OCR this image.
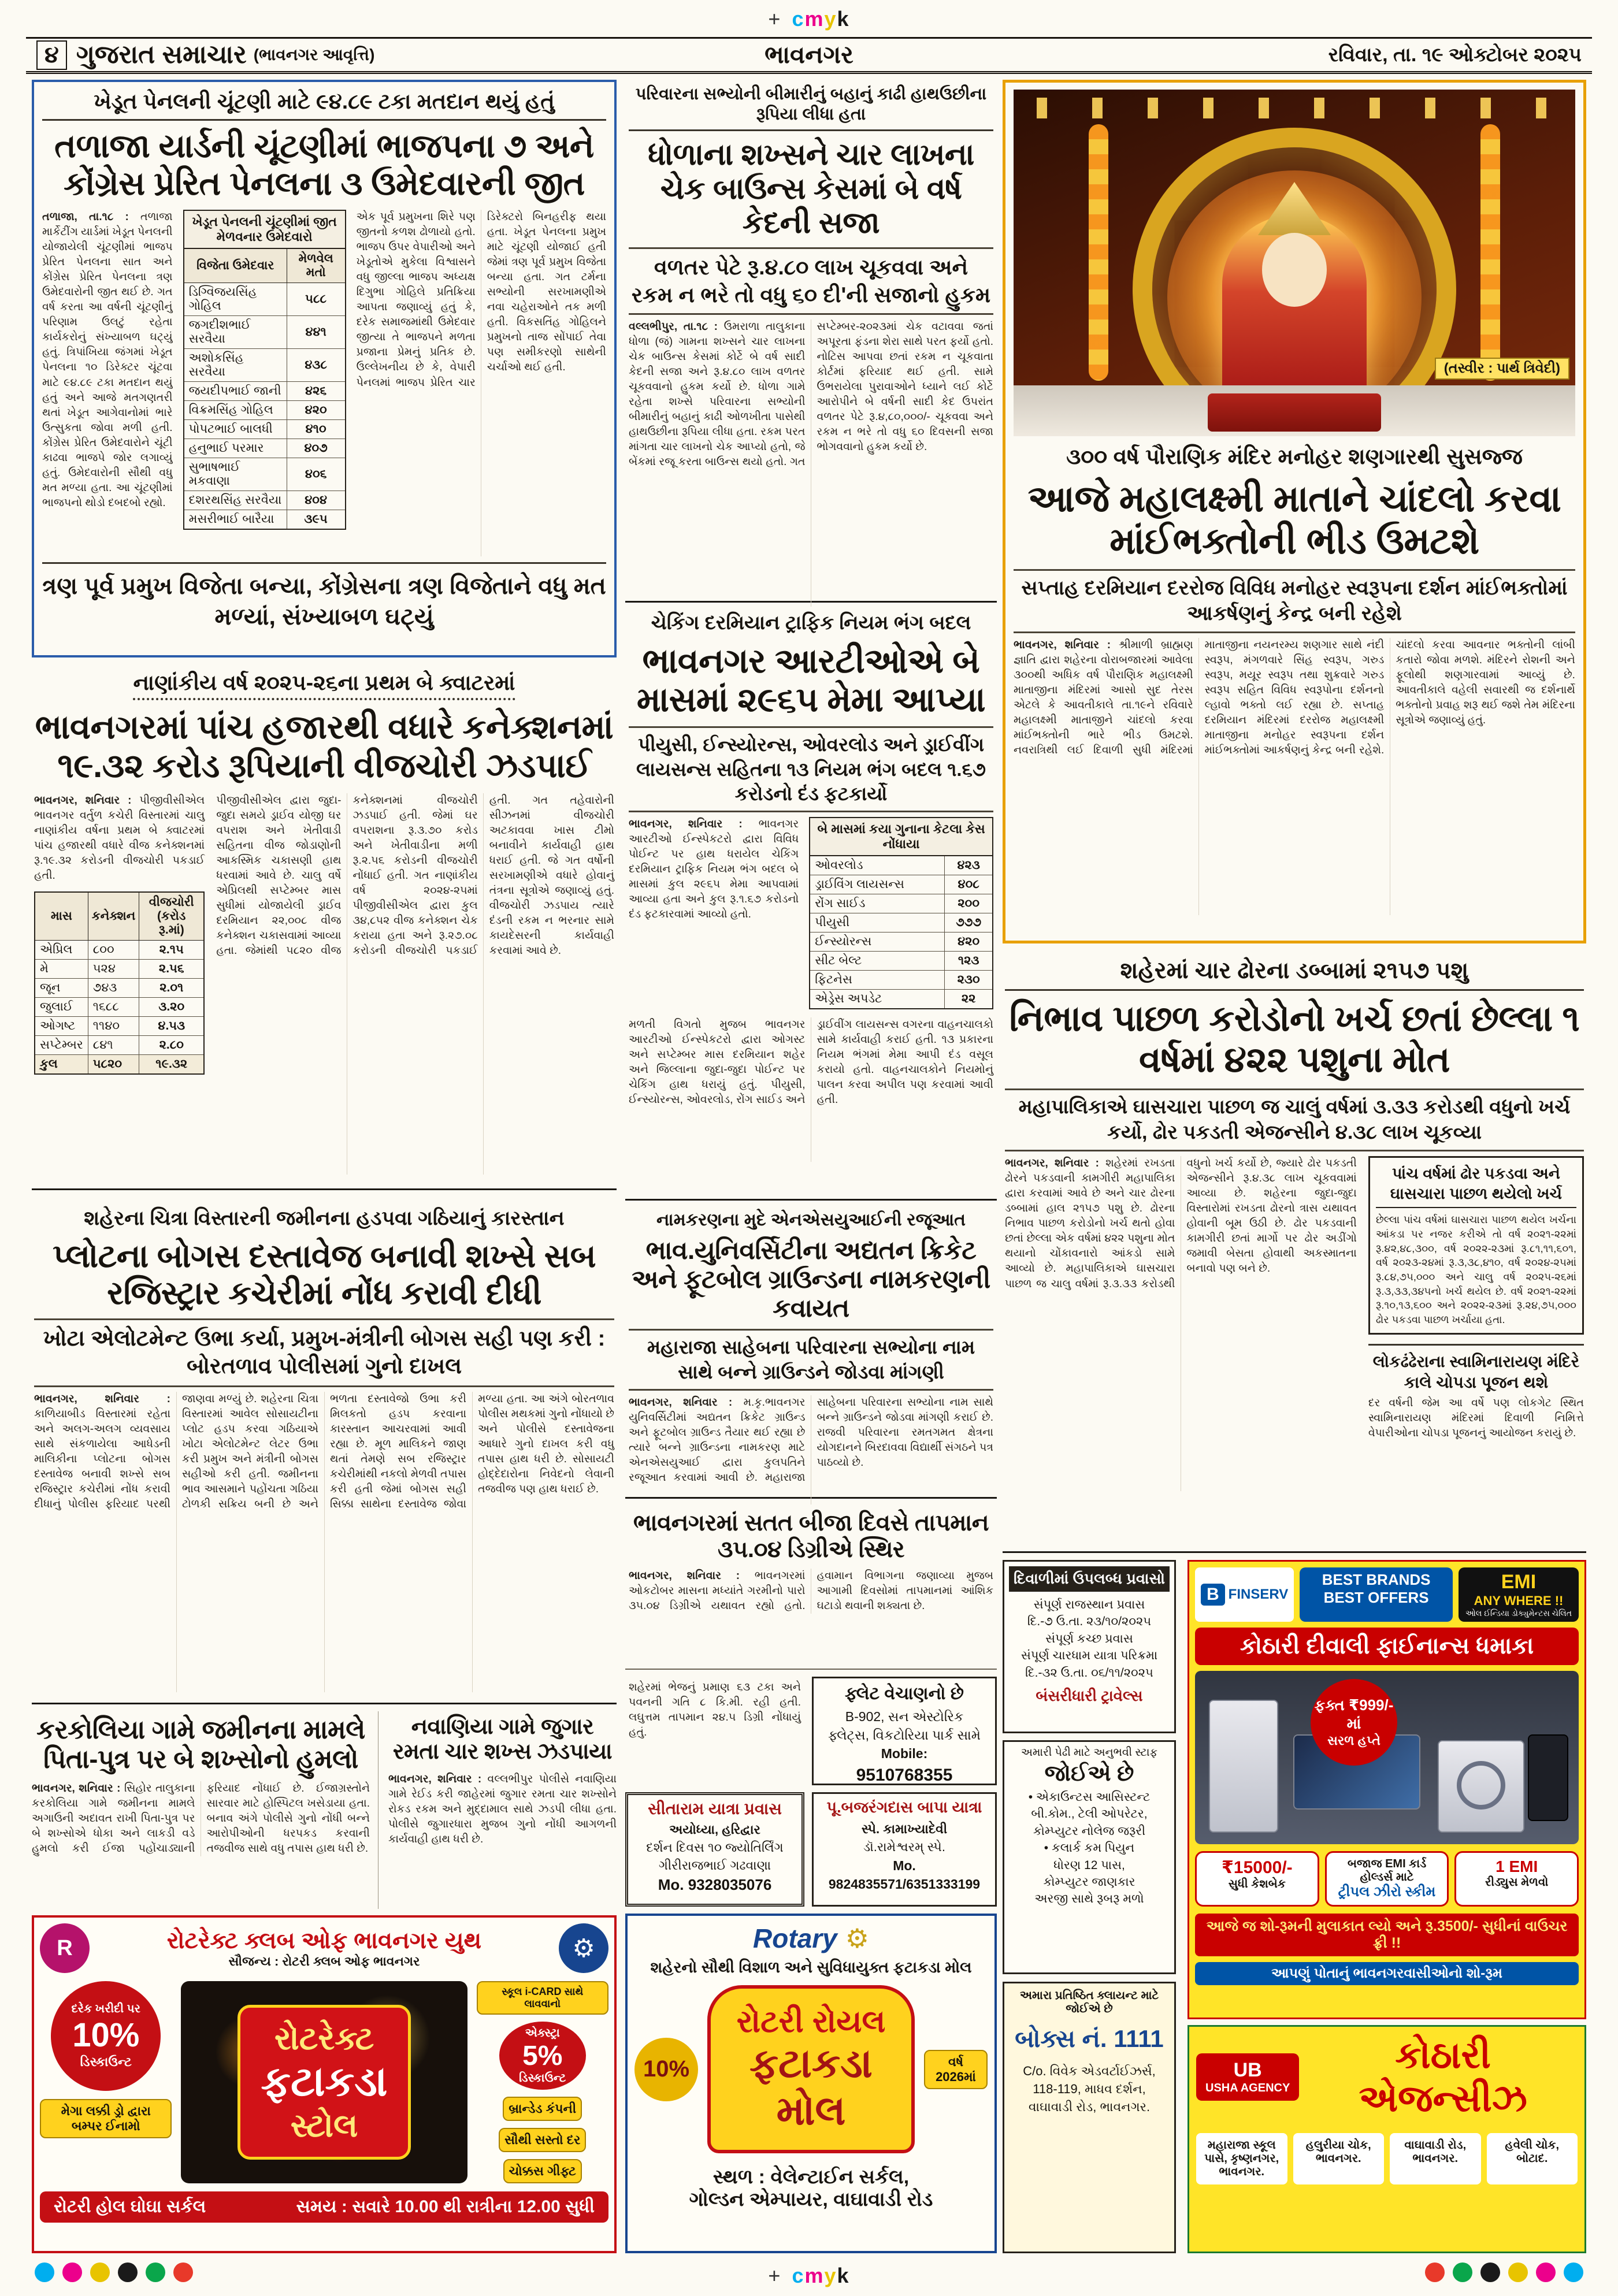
+ cmyk
૪ ગુજરાત સમાચાર (ભાવનગર આવૃત્તિ)	ભાવનગર	રવિવાર, તા. ૧૯ ઓક્ટોબર ૨૦૨૫
ખેડૂત પેનલની ચૂંટણી માટે ૯૪.૮૯ ટકા મતદાન થયું હતું
તળાજા યાર્ડની ચૂંટણીમાં ભાજપના ૭ અને કોંગ્રેસ પ્રેરિત પેનલના ૩ ઉમેદવારની જીત
તળાજા, તા.૧૮ : તળાજા માર્કેટીંગ યાર્ડમાં ખેડૂત પેનલની યોજાયેલી ચૂંટણીમાં ભાજપ પ્રેરિત પેનલના સાત અને કોંગ્રેસ પ્રેરિત પેનલના ત્રણ ઉમેદવારોની જીત થઈ છે. ગત વર્ષ કરતા આ વર્ષની ચૂંટણીનું પરિણામ ઉલટું રહેતા કાર્યકરોનું સંખ્યાબળ ઘટ્યું હતું. ત્રિપાંખિયા જંગમાં ખેડૂત પેનલના ૧૦ ડિરેક્ટર ચૂંટવા માટે ૯૪.૮૯ ટકા મતદાન થયું હતું અને આજે મતગણતરી થતાં ખેડૂત આગેવાનોમાં ભારે ઉત્સુકતા જોવા મળી હતી. કોંગ્રેસ પ્રેરિત ઉમેદવારોને ચૂંટી કાઢવા ભાજપે જોર લગાવ્યું હતું. ઉમેદવારોની સૌથી વધુ મત મળ્યા હતા. આ ચૂંટણીમાં ભાજપનો થોડો દબદબો રહ્યો.
ખેડૂત પેનલની ચૂંટણીમાં જીત મેળવનાર ઉમેદવારો
વિજેતા ઉમેદવાર	મેળવેલ મતો
ડિગ્વિજયસિંહ ગોહિલ	૫૮૮
જગદીશભાઈ સરવૈયા	૪૪૧
અશોકસિંહ સરવૈયા	૪૩૮
જયદીપભાઈ જાની	૪૨૬
વિક્રમસિંહ ગોહિલ	૪૨૦
પોપટભાઈ બાલધી	૪૧૦
હનુભાઈ પરમાર	૪૦૭
સુભાષભાઈ મકવાણા	૪૦૬
દશરથસિંહ સરવૈયા	૪૦૪
મસરીભાઈ બારૈયા	૩૯૫
એક પૂર્વ પ્રમુખના શિરે પણ જીતનો કળશ ઢોળાયો હતો. ભાજપ ઉપર વેપારીઓ અને ખેડૂતોએ મુકેલા વિશ્વાસને વધુ જીલ્લા ભાજપ અધ્યક્ષ દિગુભા ગોહિલે પ્રતિક્રિયા આપતા જણાવ્યું હતું કે, દરેક સમાજમાંથી ઉમેદવાર જીત્યા તે ભાજપને મળતા પ્રજાના પ્રેમનું પ્રતિક છે. ઉલ્લેખનીય છે કે, વેપારી પેનલમાં ભાજપ પ્રેરિત ચાર ડિરેક્ટરો બિનહરીફ થયા હતા. ખેડૂત પેનલના પ્રમુખ માટે ચૂંટણી યોજાઈ હતી જેમાં ત્રણ પૂર્વ પ્રમુખ વિજેતા બન્યા હતા. ગત ટર્મના સભ્યોની સરખામણીએ નવા ચહેરાઓને તક મળી હતી. વિકસતિંહ ગોહિલને પ્રમુખનો તાજ સોંપાઈ તેવા પણ સમીકરણો સાથેની ચર્ચાઓ થઈ હતી.
ત્રણ પૂર્વ પ્રમુખ વિજેતા બન્યા, કોંગ્રેસના ત્રણ વિજેતાને વધુ મત મળ્યાં, સંખ્યાબળ ઘટ્યું
નાણાંકીય વર્ષ ૨૦૨૫-૨૬ના પ્રથમ બે ક્વાટરમાં
ભાવનગરમાં પાંચ હજારથી વધારે કનેક્શનમાં ૧૯.૩૨ કરોડ રૂપિયાની વીજચોરી ઝડપાઈ
ભાવનગર, શનિવાર : પીજીવીસીએલ ભાવનગર વર્તુળ કચેરી વિસ્તારમાં ચાલુ નાણાંકીય વર્ષના પ્રથમ બે ક્વાટરમાં પાંચ હજારથી વધારે વીજ કનેક્શનમાં રૂ.૧૯.૩૨ કરોડની વીજચોરી પકડાઈ હતી.
માસ	કનેક્શન	વીજચોરી (કરોડ રૂ.માં)
એપ્રિલ	૮૦૦	૨.૧૫
મે	૫૨૪	૨.૫૬
જૂન	૭૪૩	૨.૦૧
જુલાઈ	૧૬૮૮	૩.૨૦
ઓગષ્ટ	૧૧૪૦	૪.૫૩
સપ્ટેમ્બર	૮૪૧	૨.૮૦
કુલ	૫૮૨૦	૧૯.૩૨
પીજીવીસીએલ દ્વારા જુદા-જુદા સમયે ડ્રાઈવ યોજી ઘર વપરાશ અને ખેતીવાડી સહિતના વીજ જોડાણોની આકસ્મિક ચકાસણી હાથ ધરવામાં આવે છે. ચાલુ વર્ષે એપ્રિલથી સપ્ટેમ્બર માસ સુધીમાં યોજાયેલી ડ્રાઈવ દરમિયાન ૨૨,૦૦૮ વીજ કનેક્શન ચકાસવામાં આવ્યા હતા. જેમાંથી ૫૮૨૦ વીજ કનેક્શનમાં વીજચોરી ઝડપાઈ હતી. જેમાં ઘર વપરાશના રૂ.૩.૭૦ કરોડ અને ખેતીવાડીના મળી રૂ.૨.૫૬ કરોડની વીજચોરી નોંધાઈ હતી. ગત નાણાંકીય વર્ષ ૨૦૨૪-૨૫માં પીજીવીસીએલ દ્વારા કુલ ૩૪,૮૫૨ વીજ કનેક્શન ચેક કરાયા હતા અને રૂ.૨૭.૦૮ કરોડની વીજચોરી પકડાઈ હતી. ગત તહેવારોની સીઝનમાં વીજચોરી અટકાવવા ખાસ ટીમો બનાવીને કાર્યવાહી હાથ ધરાઈ હતી. જે ગત વર્ષોની સરખામણીએ વધારે હોવાનું તંત્રના સૂત્રોએ જણાવ્યું હતું. વીજચોરી ઝડપાય ત્યારે દંડની રકમ ન ભરનાર સામે કાયદેસરની કાર્યવાહી કરવામાં આવે છે.
શહેરના ચિત્રા વિસ્તારની જમીનના હડપવા ગઠિયાનું કારસ્તાન
પ્લોટના બોગસ દસ્તાવેજ બનાવી શખ્સે સબ રજિસ્ટ્રાર કચેરીમાં નોંધ કરાવી દીધી
ખોટા એલોટમેન્ટ ઉભા કર્યા, પ્રમુખ-મંત્રીની બોગસ સહી પણ કરી : બોરતળાવ પોલીસમાં ગુનો દાખલ
ભાવનગર, શનિવાર : કાળિયાબીડ વિસ્તારમાં રહેતા અને અલગ-અલગ વ્યવસાય સાથે સંકળાયેલા આધેડની માલિકીના પ્લોટના બોગસ દસ્તાવેજ બનાવી શખ્સે સબ રજિસ્ટ્રાર કચેરીમાં નોંધ કરાવી દીધાનું પોલીસ ફરિયાદ પરથી જાણવા મળ્યું છે. શહેરના ચિત્રા વિસ્તારમાં આવેલ સોસાયટીના પ્લોટ હડપ કરવા ગઠિયાએ ખોટા એલોટમેન્ટ લેટર ઉભા કરી પ્રમુખ અને મંત્રીની બોગસ સહીઓ કરી હતી. જમીનના ભાવ આસમાને પહોંચતા ગઠિયા ટોળકી સક્રિય બની છે અને ભળતા દસ્તાવેજો ઉભા કરી મિલકતો હડપ કરવાના કારસ્તાન આચરવામાં આવી રહ્યા છે. મૂળ માલિકને જાણ થતાં તેમણે સબ રજિસ્ટ્રાર કચેરીમાંથી નકલો મેળવી તપાસ કરી હતી જેમાં બોગસ સહી સિક્કા સાથેના દસ્તાવેજ જોવા મળ્યા હતા. આ અંગે બોરતળાવ પોલીસ મથકમાં ગુનો નોંધાયો છે અને પોલીસે દસ્તાવેજના આધારે ગુનો દાખલ કરી વધુ તપાસ હાથ ધરી છે. સોસાયટી હોદ્દેદારોના નિવેદનો લેવાની તજવીજ પણ હાથ ધરાઈ છે.
કરકોલિયા ગામે જમીનના મામલે પિતા-પુત્ર પર બે શખ્સોનો હુમલો
ભાવનગર, શનિવાર : સિહોર તાલુકાના કરકોલિયા ગામે જમીનના મામલે અગાઉની અદાવત રાખી પિતા-પુત્ર પર બે શખ્સોએ ધોકા અને લાકડી વડે હુમલો કરી ઈજા પહોંચાડ્યાની ફરિયાદ નોંધાઈ છે. ઈજાગ્રસ્તોને સારવાર માટે હોસ્પિટલ ખસેડાયા હતા. બનાવ અંગે પોલીસે ગુનો નોંધી બન્ને આરોપીઓની ધરપકડ કરવાની તજવીજ સાથે વધુ તપાસ હાથ ધરી છે.
નવાણિયા ગામે જુગાર રમતા ચાર શખ્સ ઝડપાયા
ભાવનગર, શનિવાર : વલ્લભીપુર પોલીસે નવાણિયા ગામે રેઈડ કરી જાહેરમાં જુગાર રમતા ચાર શખ્સોને રોકડ રકમ અને મુદ્દામાલ સાથે ઝડપી લીધા હતા. પોલીસે જુગારધારા મુજબ ગુનો નોંધી આગળની કાર્યવાહી હાથ ધરી છે.
R	રોટરેક્ટ ક્લબ ઓફ ભાવનગર યુથ
સૌજન્ય : રોટરી ક્લબ ઓફ ભાવનગર	⚙
દરેક ખરીદી પર
10%
ડિસ્કાઉન્ટ
મેગા લક્કી ડ્રો દ્વારા બમ્પર ઈનામો
રોટરેક્ટ
ફટાકડા
સ્ટોલ
સ્કૂલ i-CARD સાથે લાવવાનો
એક્સ્ટ્રા
5%
ડિસ્કાઉન્ટ
બ્રાન્ડેડ કંપની
સૌથી સસ્તો દર
ચોક્કસ ગીફ્ટ
રોટરી હોલ ઘોઘા સર્કલ	સમય : સવારે 10.00 થી રાત્રીના 12.00 સુધી
પરિવારના સભ્યોની બીમારીનું બહાનું કાઢી હાથઉછીના રૂપિયા લીધા હતા
ધોળાના શખ્સને ચાર લાખના ચેક બાઉન્સ કેસમાં બે વર્ષ કેદની સજા
વળતર પેટે રૂ.૪.૮૦ લાખ ચૂકવવા અને રકમ ન ભરે તો વધુ ૬૦ દી'ની સજાનો હુકમ
વલ્લભીપુર, તા.૧૮ : ઉમરાળા તાલુકાના ધોળા (જં) ગામના શખ્સને ચાર લાખના ચેક બાઉન્સ કેસમાં કોર્ટે બે વર્ષ સાદી કેદની સજા અને રૂ.૪.૮૦ લાખ વળતર ચૂકવવાનો હુકમ કર્યો છે. ધોળા ગામે રહેતા શખ્સે પરિવારના સભ્યોની બીમારીનું બહાનું કાઢી ઓળખીતા પાસેથી હાથઉછીના રૂપિયા લીધા હતા. રકમ પરત માંગતા ચાર લાખનો ચેક આપ્યો હતો, જે બેંકમાં રજૂ કરતા બાઉન્સ થયો હતો. ગત સપ્ટેમ્બર-૨૦૨૩માં ચેક વટાવવા જતાં અપૂરતા ફંડના શેરા સાથે પરત ફર્યો હતો. નોટિસ આપવા છતાં રકમ ન ચૂકવાતા કોર્ટમાં ફરિયાદ થઈ હતી. સામે ઉભરાયેલા પુરાવાઓને ધ્યાને લઈ કોર્ટે આરોપીને બે વર્ષની સાદી કેદ ઉપરાંત વળતર પેટે રૂ.૪,૮૦,૦૦૦/- ચૂકવવા અને રકમ ન ભરે તો વધુ ૬૦ દિવસની સજા ભોગવવાનો હુકમ કર્યો છે.
ચેકિંગ દરમિયાન ટ્રાફિક નિયમ ભંગ બદલ
ભાવનગર આરટીઓએ બે માસમાં ૨૯૬૫ મેમા આપ્યા
પીયુસી, ઈન્સ્યોરન્સ, ઓવરલોડ અને ડ્રાઈવીંગ લાયસન્સ સહિતના ૧૩ નિયમ ભંગ બદલ ૧.૬૭ કરોડનો દંડ ફટકાર્યો
ભાવનગર, શનિવાર : ભાવનગર આરટીઓ ઈન્સ્પેકટરો દ્વારા વિવિધ પોઈન્ટ પર હાથ ધરાયેલ ચેકિંગ દરમિયાન ટ્રાફિક નિયમ ભંગ બદલ બે માસમાં કુલ ૨૯૬૫ મેમા આપવામાં આવ્યા હતા અને કુલ રૂ.૧.૬૭ કરોડનો દંડ ફટકારવામાં આવ્યો હતો.
બે માસમાં કયા ગુનાના કેટલા કેસ નોંધાયા
ઓવરલોડ	૪૨૩
ડ્રાઈવિંગ લાયસન્સ	૪૦૮
રોંગ સાઈડ	૨૦૦
પીયુસી	૭૭૭
ઈન્સ્યોરન્સ	૪૨૦
સીટ બેલ્ટ	૧૨૩
ફિટનેસ	૨૩૦
એડ્રેસ અપડેટ	૨૨
મળતી વિગતો મુજબ ભાવનગર આરટીઓ ઈન્સ્પેકટરો દ્વારા ઓગસ્ટ અને સપ્ટેમ્બર માસ દરમિયાન શહેર અને જિલ્લાના જુદા-જુદા પોઈન્ટ પર ચેકિંગ હાથ ધરાયું હતું. પીયુસી, ઈન્સ્યોરન્સ, ઓવરલોડ, રોંગ સાઈડ અને ડ્રાઈવીંગ લાયસન્સ વગરના વાહનચાલકો સામે કાર્યવાહી કરાઈ હતી. ૧૩ પ્રકારના નિયમ ભંગમાં મેમા આપી દંડ વસૂલ કરાયો હતો. વાહનચાલકોને નિયમોનું પાલન કરવા અપીલ પણ કરવામાં આવી હતી.
નામકરણના મુદે એનએસયુઆઈની રજૂઆત
ભાવ.યુનિવર્સિટીના અદ્યતન ક્રિકેટ અને ફૂટબોલ ગ્રાઉન્ડના નામકરણની કવાયત
મહારાજા સાહેબના પરિવારના સભ્યોના નામ સાથે બન્ને ગ્રાઉન્ડને જોડવા માંગણી
ભાવનગર, શનિવાર : મ.કૃ.ભાવનગર યુનિવર્સિટીમાં અદ્યતન ક્રિકેટ ગ્રાઉન્ડ અને ફૂટબોલ ગ્રાઉન્ડ તૈયાર થઈ રહ્યા છે ત્યારે બન્ને ગ્રાઉન્ડના નામકરણ માટે એનએસયુઆઈ દ્વારા કુલપતિને રજૂઆત કરવામાં આવી છે. મહારાજા સાહેબના પરિવારના સભ્યોના નામ સાથે બન્ને ગ્રાઉન્ડને જોડવા માંગણી કરાઈ છે. રાજવી પરિવારના રમતગમત ક્ષેત્રના યોગદાનને બિરદાવવા વિદ્યાર્થી સંગઠને પત્ર પાઠવ્યો છે.
ભાવનગરમાં સતત બીજા દિવસે તાપમાન ૩૫.૦૪ ડિગ્રીએ સ્થિર
ભાવનગર, શનિવાર : ભાવનગરમાં ઓકટોબર માસના મધ્યાંતે ગરમીનો પારો ૩૫.૦૪ ડિગ્રીએ યથાવત રહ્યો હતો. હવામાન વિભાગના જણાવ્યા મુજબ આગામી દિવસોમાં તાપમાનમાં આંશિક ઘટાડો થવાની શક્યતા છે.
શહેરમાં ભેજનું પ્રમાણ ૬૩ ટકા અને પવનની ગતિ ૮ કિ.મી. રહી હતી. લઘુત્તમ તાપમાન ૨૪.૫ ડિગ્રી નોંધાયું હતું.
ફ્લેટ વેચાણનો છે
B-902, સન એસ્ટોરિક
ફ્લેટ્સ, વિકટોરિયા પાર્ક સામે
Mobile:
9510768355
સીતારામ યાત્રા પ્રવાસ
અયોધ્યા, હરિદ્વાર
દર્શન દિવસ ૧૦ જ્યોતિર્લિંગ
ગીરીરાજભાઈ ગઢવાણા
Mo. 9328035076
પૂ.બજરંગદાસ બાપા યાત્રા
સ્પે. કામાખ્યાદેવી
ડૉ.રામેશ્વરમ્ સ્પે.
Mo. 9824835571/6351333199
Rotary ⚙
શહેરનો સૌથી વિશાળ અને સુવિધાયુક્ત ફટાકડા મોલ
10%
રોટરી રોયલ
ફટાકડા મોલ
વર્ષ 2026માં
સ્થળ : વેલેન્ટાઈન સર્કલ,
ગોલ્ડન એમ્પાયર, વાઘાવાડી રોડ
(તસ્વીર : પાર્થ ત્રિવેદી)
૩૦૦ વર્ષ પૌરાણિક મંદિર મનોહર શણગારથી સુસજ્જ
આજે મહાલક્ષ્મી માતાને ચાંદલો કરવા માંઈભક્તોની ભીડ ઉમટશે
સપ્તાહ દરમિયાન દરરોજ વિવિધ મનોહર સ્વરૂપના દર્શન માંઈભક્તોમાં આકર્ષણનું કેન્દ્ર બની રહેશે
ભાવનગર, શનિવાર : શ્રીમાળી બ્રાહ્મણ જ્ઞાતિ દ્વારા શહેરના વોરાબજારમાં આવેલા ૩૦૦થી અધિક વર્ષ પૌરાણિક મહાલક્ષ્મી માતાજીના મંદિરમાં આસો સુદ તેરસ એટલે કે આવતીકાલે તા.૧૯ને રવિવારે મહાલક્ષ્મી માતાજીને ચાંદલો કરવા માંઈભક્તોની ભારે ભીડ ઉમટશે. નવરાત્રિથી લઈ દિવાળી સુધી મંદિરમાં માતાજીના નયનરમ્ય શણગાર સાથે નંદી સ્વરૂપ, મંગળવારે સિંહ સ્વરૂપ, ગરુડ સ્વરૂપ, મયૂર સ્વરૂપ તથા શુક્રવારે ગરુડ સ્વરૂપ સહિત વિવિધ સ્વરૂપોના દર્શનનો લ્હાવો ભક્તો લઈ રહ્યા છે. સપ્તાહ દરમિયાન મંદિરમાં દરરોજ મહાલક્ષ્મી માતાજીના મનોહર સ્વરૂપના દર્શન માંઈભક્તોમાં આકર્ષણનું કેન્દ્ર બની રહેશે. ચાંદલો કરવા આવનાર ભક્તોની લાંબી કતારો જોવા મળશે. મંદિરને રોશની અને ફૂલોથી શણગારવામાં આવ્યું છે. આવતીકાલે વહેલી સવારથી જ દર્શનાર્થે ભક્તોનો પ્રવાહ શરૂ થઈ જશે તેમ મંદિરના સૂત્રોએ જણાવ્યું હતું.
શહેરમાં ચાર ઢોરના ડબ્બામાં ૨૧૫૭ પશુ
નિભાવ પાછળ કરોડોનો ખર્ચ છતાં છેલ્લા ૧ વર્ષમાં ૪૨૨ પશુના મોત
મહાપાલિકાએ ઘાસચારા પાછળ જ ચાલું વર્ષમાં ૩.૩૩ કરોડથી વધુનો ખર્ચ કર્યો, ઢોર પકડતી એજન્સીને ૪.૩૮ લાખ ચૂકવ્યા
ભાવનગર, શનિવાર : શહેરમાં રખડતા ઢોરને પકડવાની કામગીરી મહાપાલિકા દ્વારા કરવામાં આવે છે અને ચાર ઢોરના ડબ્બામાં હાલ ૨૧૫૭ પશુ છે. ઢોરના નિભાવ પાછળ કરોડોનો ખર્ચ થતો હોવા છતાં છેલ્લા એક વર્ષમાં ૪૨૨ પશુના મોત થયાનો ચોંકાવનારો આંકડો સામે આવ્યો છે. મહાપાલિકાએ ઘાસચારા પાછળ જ ચાલુ વર્ષમાં રૂ.૩.૩૩ કરોડથી વધુનો ખર્ચ કર્યો છે, જ્યારે ઢોર પકડતી એજન્સીને રૂ.૪.૩૮ લાખ ચૂકવવામાં આવ્યા છે. શહેરના જુદા-જુદા વિસ્તારોમાં રખડતા ઢોરનો ત્રાસ યથાવત હોવાની બૂમ ઉઠી છે. ઢોર પકડવાની કામગીરી છતાં માર્ગો પર ઢોર અડીંગો જમાવી બેસતા હોવાથી અકસ્માતના બનાવો પણ બને છે.
પાંચ વર્ષમાં ઢોર પકડવા અને ઘાસચારા પાછળ થયેલો ખર્ચ
છેલ્લા પાંચ વર્ષમાં ઘાસચારા પાછળ થયેલ ખર્ચના આંકડા પર નજર કરીએ તો વર્ષ ૨૦૨૧-૨૨માં રૂ.૪૨,૪૮,૩૦૦, વર્ષ ૨૦૨૨-૨૩માં રૂ.૮૧,૧૧,૬૦૧, વર્ષ ૨૦૨૩-૨૪માં રૂ.૩,૩૮,૪૧૦, વર્ષ ૨૦૨૪-૨૫માં રૂ.૮૪,૭૫,૦૦૦ અને ચાલુ વર્ષ ૨૦૨૫-૨૬માં રૂ.૩,૩૩,૩૪૫નો ખર્ચ થયેલ છે. વર્ષ ૨૦૨૧-૨૨માં રૂ.૧૦,૧૩,૬૦૦ અને ૨૦૨૨-૨૩માં રૂ.૨૪,૭૫,૦૦૦ ઢોર પકડવા પાછળ ખર્ચાયા હતા.
લોકઢંઢેરાના સ્વામિનારાયણ મંદિરે કાલે ચોપડા પૂજન થશે
દર વર્ષની જેમ આ વર્ષે પણ લોકગેટ સ્થિત સ્વામિનારાયણ મંદિરમાં દિવાળી નિમિત્તે વેપારીઓના ચોપડા પૂજનનું આયોજન કરાયું છે.
દિવાળીમાં ઉપલબ્ધ પ્રવાસો
સંપૂર્ણ રાજસ્થાન પ્રવાસ
દિ.-૭ ઉ.તા. ૨૩/૧૦/૨૦૨૫
સંપૂર્ણ કચ્છ પ્રવાસ
સંપૂર્ણ ચારધામ યાત્રા પરિક્રમા
દિ.-૩૨ ઉ.તા. ૦૬/૧૧/૨૦૨૫
બંસરીધારી ટ્રાવેલ્સ
અમારી પેઢી માટે અનુભવી સ્ટાફ
જોઈએ છે
• એકાઉન્ટસ આસિસ્ટન્ટ
બી.કોમ., ટેલી ઓપરેટર,
કોમ્પ્યુટર નોલેજ જરૂરી
• કલાર્ક કમ પિયુન
ધોરણ 12 પાસ,
કોમ્પ્યુટર જાણકાર
અરજી સાથે રૂબરૂ મળો
અમારા પ્રતિષ્ઠિત ક્લાયન્ટ માટે જોઈએ છે
બોક્સ નં. 1111
C/o. વિવેક એડવર્ટાઈઝર્સ,
118-119, માધવ દર્શન,
વાઘાવાડી રોડ, ભાવનગર.
B FINSERV
BEST BRANDS
BEST OFFERS
EMI
ANY WHERE !!
ઓલ ઈન્ડિયા ડોક્યુમેન્ટસ ચેલિત
કોઠારી દીવાલી ફાઈનાન્સ ધમાકા
ફક્ત ₹999/-માં
સરળ હપ્તે
₹15000/-
સુધી કેશબેક
બજાજ EMI કાર્ડ હોલ્ડર્સ માટે
ટ્રીપલ ઝીરો સ્કીમ
1 EMI
રીડ્યુસ મેળવો
આજે જ શો-રૂમની મુલાકાત લ્યો અને રૂ.3500/- સુધીનાં વાઉચર ફ્રી !!
આપણું પોતાનું ભાવનગરવાસીઓનો શો-રૂમ
UB
USHA AGENCY
કોઠારી એજન્સીઝ
મહારાજા સ્કૂલ પાસે, કૃષ્ણનગર, ભાવનગર.
હલુરીયા ચોક, ભાવનગર.
વાઘાવાડી રોડ, ભાવનગર.
હવેલી ચોક, બોટાદ.
+ cmyk
